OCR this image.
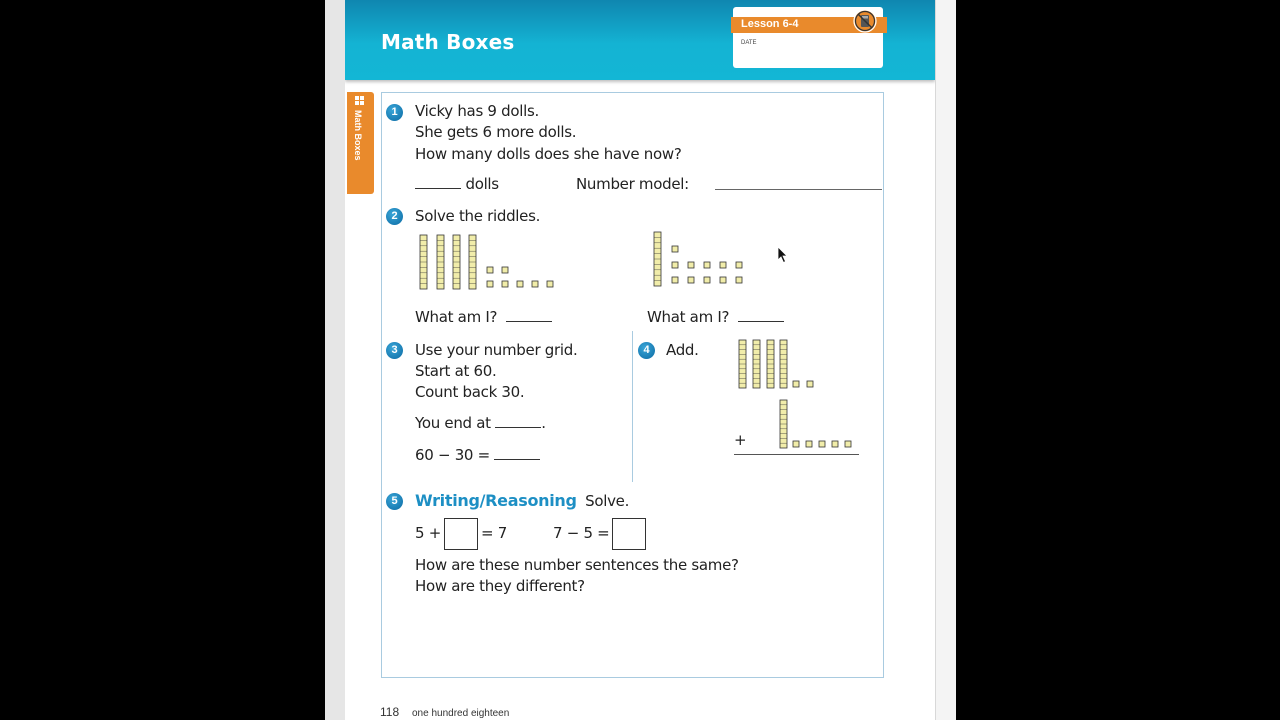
Math Boxes
Lesson 6-4
DATE
Math Boxes	1	Vicky has 9 dolls.
She gets 6 more dolls.
How many dolls does she have now?
dolls	Number model:
2	Solve the riddles.
What am I?	What am I?
3	Use your number grid.
Start at 60.
Count back 30.
You end at	.
60 − 30 =
4	Add.
+
5	Writing/Reasoning Solve.
5 +	= 7	7 − 5 =
How are these number sentences the same?
How are they different?
118 one hundred eighteen
